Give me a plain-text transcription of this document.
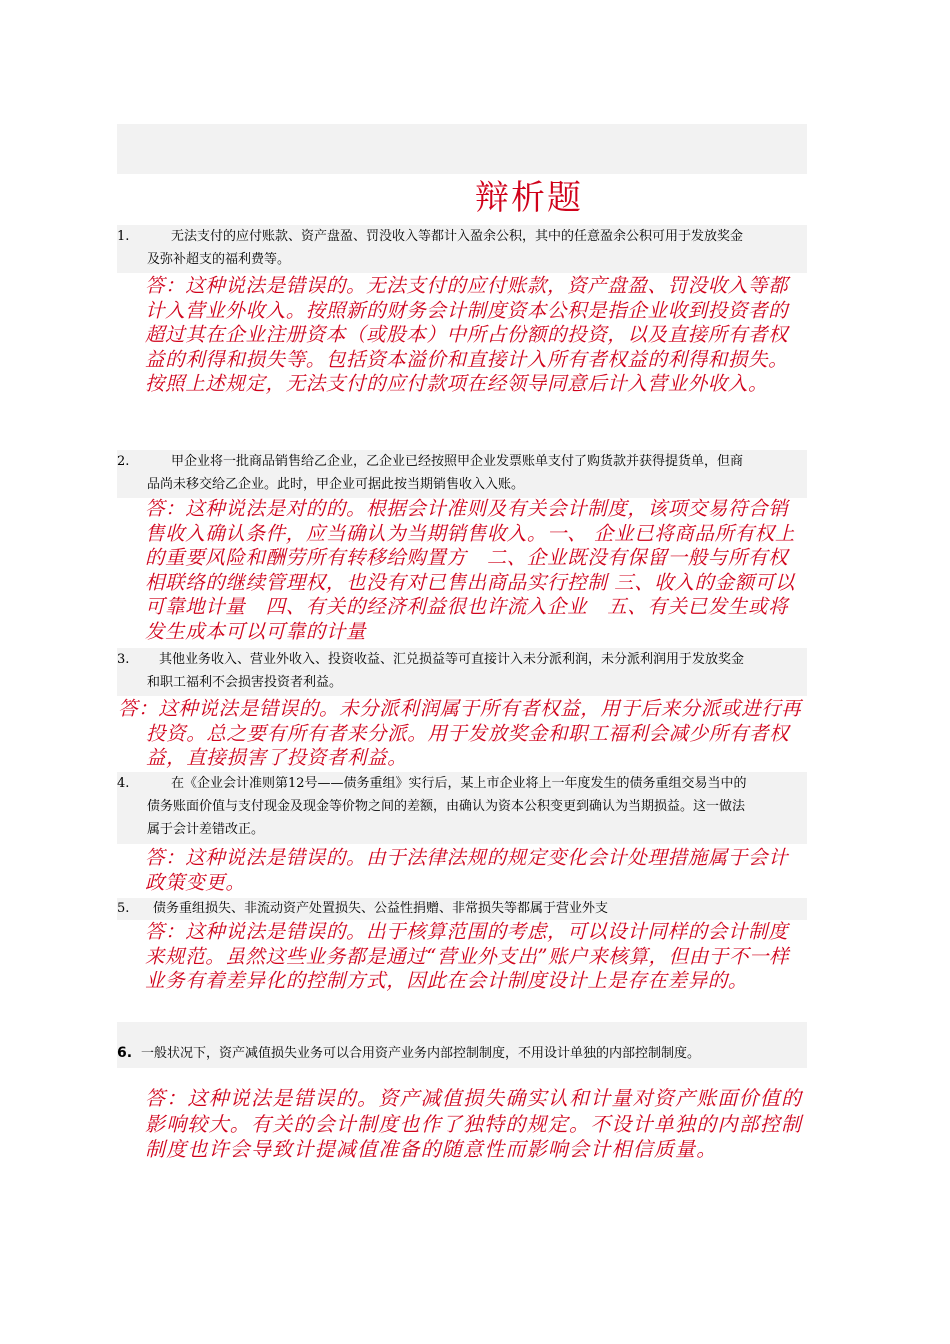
辩析题
1.	无法支付的应付账款、资产盘盈、罚没收入等都计入盈余公积，其中的任意盈余公积可用于发放奖金
及弥补超支的福利费等。
答：这种说法是错误的。无法支付的应付账款，资产盘盈、罚没收入等都计入营业外收入。按照新的财务会计制度资本公积是指企业收到投资者的超过其在企业注册资本（或股本）中所占份额的投资，以及直接所有者权益的利得和损失等。包括资本溢价和直接计入所有者权益的利得和损失。
按照上述规定，无法支付的应付款项在经领导同意后计入营业外收入。
2.	甲企业将一批商品销售给乙企业，乙企业已经按照甲企业发票账单支付了购货款并获得提货单，但商
品尚未移交给乙企业。此时，甲企业可据此按当期销售收入入账。
答：这种说法是对的的。根据会计准则及有关会计制度，该项交易符合销售收入确认条件，应当确认为当期销售收入。一、 企业已将商品所有权上的重要风险和酬劳所有转移给购置方　二、企业既没有保留一般与所有权相联络的继续管理权，也没有对已售出商品实行控制 三、收入的金额可以可靠地计量　四、有关的经济利益很也许流入企业　五、有关已发生或将发生成本可以可靠的计量
3.	其他业务收入、营业外收入、投资收益、汇兑损益等可直接计入未分派利润，未分派利润用于发放奖金
和职工福利不会损害投资者利益。
答：这种说法是错误的。未分派利润属于所有者权益，用于后来分派或进行再投资。总之要有所有者来分派。用于发放奖金和职工福利会减少所有者权益，直接损害了投资者利益。
4.	在《企业会计准则第12号——债务重组》实行后，某上市企业将上一年度发生的债务重组交易当中的
债务账面价值与支付现金及现金等价物之间的差额，由确认为资本公积变更到确认为当期损益。这一做法
属于会计差错改正。
答：这种说法是错误的。由于法律法规的规定变化会计处理措施属于会计政策变更。
5.	债务重组损失、非流动资产处置损失、公益性捐赠、非常损失等都属于营业外支
答：这种说法是错误的。出于核算范围的考虑，可以设计同样的会计制度来规范。虽然这些业务都是通过“营业外支出”账户来核算，但由于不一样业务有着差异化的控制方式，因此在会计制度设计上是存在差异的。
6. 一般状况下，资产减值损失业务可以合用资产业务内部控制制度，不用设计单独的内部控制制度。
答：这种说法是错误的。资产减值损失确实认和计量对资产账面价值的影响较大。有关的会计制度也作了独特的规定。不设计单独的内部控制制度也许会导致计提减值准备的随意性而影响会计相信质量。
